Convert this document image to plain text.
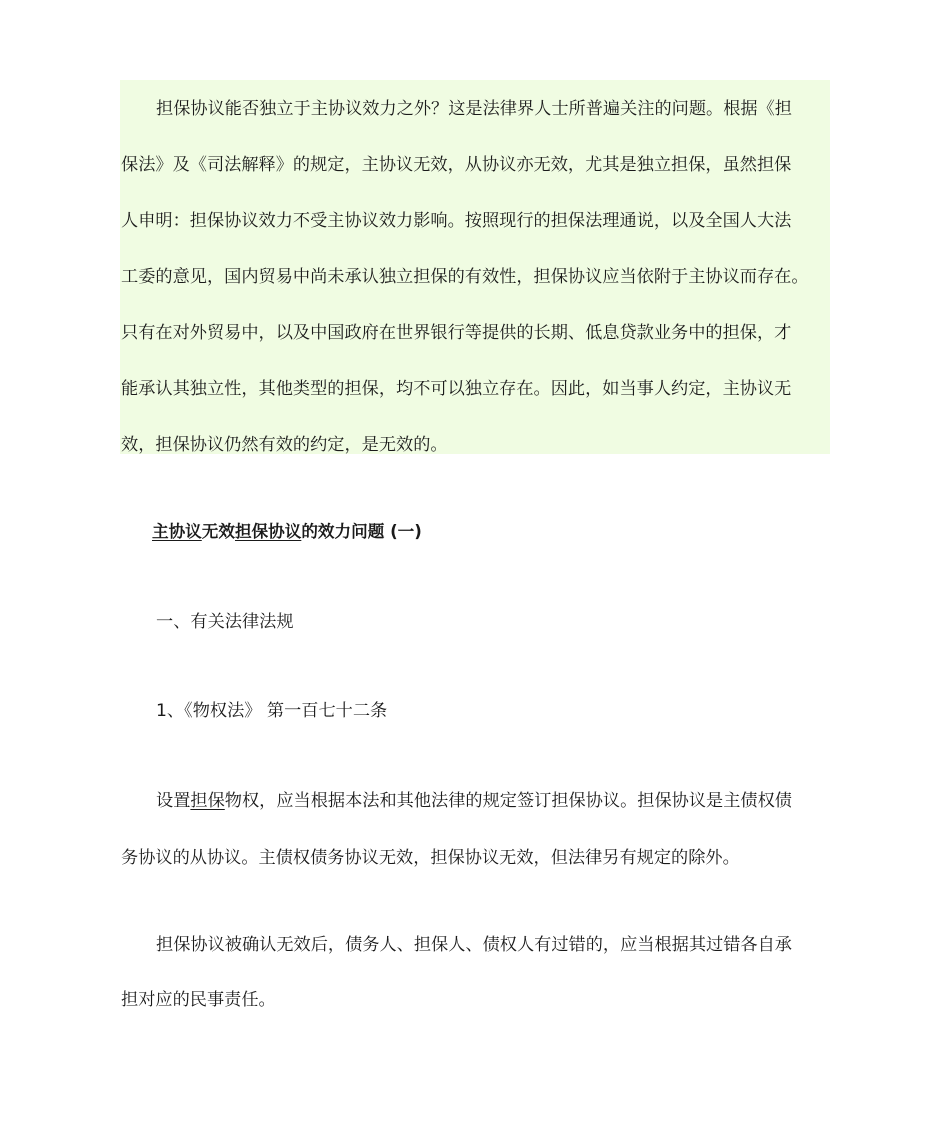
担保协议能否独立于主协议效力之外？这是法律界人士所普遍关注的问题。根据《担
保法》及《司法解释》的规定，主协议无效，从协议亦无效，尤其是独立担保，虽然担保
人申明：担保协议效力不受主协议效力影响。按照现行的担保法理通说，以及全国人大法
工委的意见，国内贸易中尚未承认独立担保的有效性，担保协议应当依附于主协议而存在。
只有在对外贸易中，以及中国政府在世界银行等提供的长期、低息贷款业务中的担保，才
能承认其独立性，其他类型的担保，均不可以独立存在。因此，如当事人约定，主协议无
效，担保协议仍然有效的约定，是无效的。
主协议无效担保协议的效力问题 (一)
一、有关法律法规
1、《物权法》 第一百七十二条
设置担保物权，应当根据本法和其他法律的规定签订担保协议。担保协议是主债权债
务协议的从协议。主债权债务协议无效，担保协议无效，但法律另有规定的除外。
担保协议被确认无效后，债务人、担保人、债权人有过错的，应当根据其过错各自承
担对应的民事责任。
